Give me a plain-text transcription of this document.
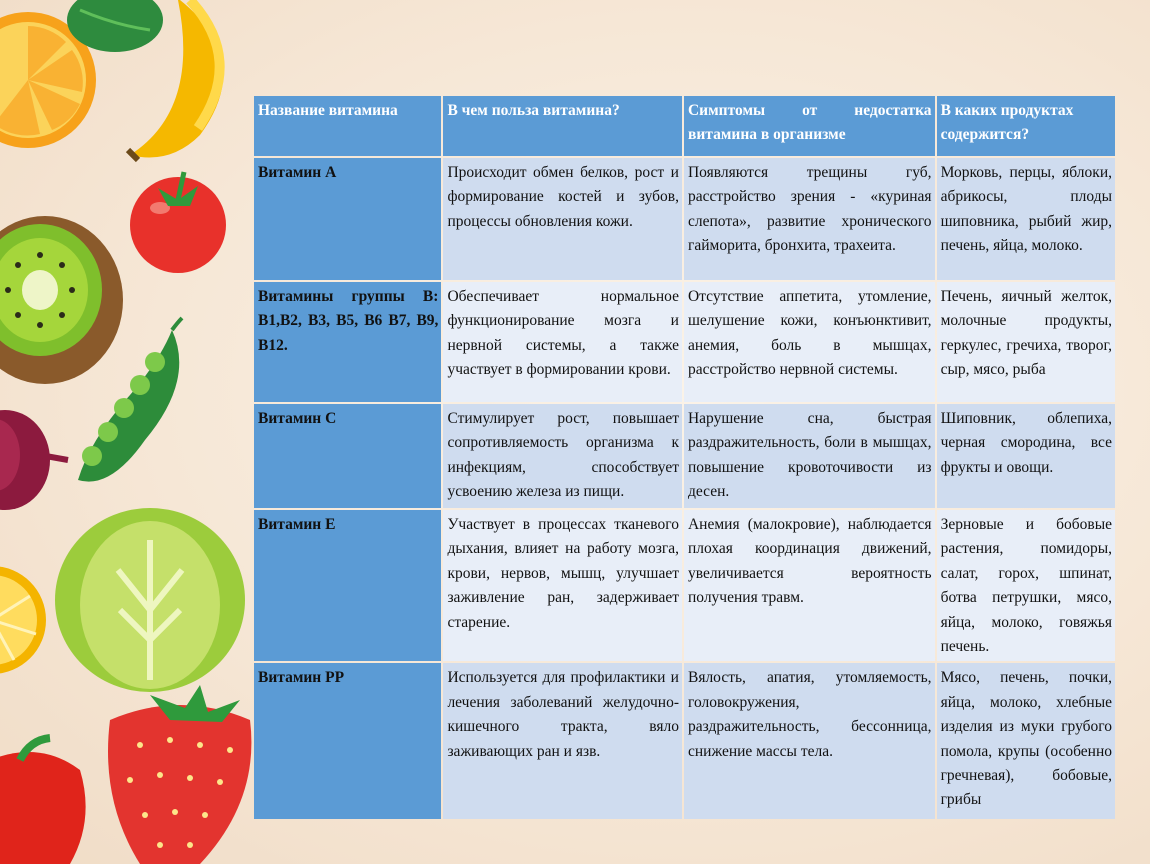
Название витамина	В чем польза витамина?	Симптомы от недостатка витамина в организме	В каких продуктах содержится?
Витамин А	Происходит обмен белков, рост и формирование костей и зубов, процессы обновления кожи.	Появляются трещины губ, расстройство зрения - «куриная слепота», развитие хронического гайморита, бронхита, трахеита.	Морковь, перцы, яблоки, абрикосы, плоды шиповника, рыбий жир, печень, яйца, молоко.
Витамины группы В: В1,В2, В3, В5, В6 В7, В9, В12.	Обеспечивает нормальное функционирование мозга и нервной системы, а также участвует в формировании крови.	Отсутствие аппетита, утомление, шелушение кожи, конъюнктивит, анемия, боль в мышцах, расстройство нервной системы.	Печень, яичный желток, молочные продукты, геркулес, гречиха, творог, сыр, мясо, рыба
Витамин С	Стимулирует рост, повышает сопротивляемость организма к инфекциям, способствует усвоению железа из пищи.	Нарушение сна, быстрая раздражительность, боли в мышцах, повышение кровоточивости из десен.	Шиповник, облепиха, черная смородина, все фрукты и овощи.
Витамин Е	Участвует в процессах тканевого дыхания, влияет на работу мозга, крови, нервов, мышц, улучшает заживление ран, задерживает старение.	Анемия (малокровие), наблюдается плохая координация движений, увеличивается вероятность получения травм.	Зерновые и бобовые растения, помидоры, салат, горох, шпинат, ботва петрушки, мясо, яйца, молоко, говяжья печень.
Витамин РР	Используется для профилактики и лечения заболеваний желудочно-кишечного тракта, вяло заживающих ран и язв.	Вялость, апатия, утомляемость, головокружения, раздражительность, бессонница, снижение массы тела.	Мясо, печень, почки, яйца, молоко, хлебные изделия из муки грубого помола, крупы (особенно гречневая), бобовые, грибы
